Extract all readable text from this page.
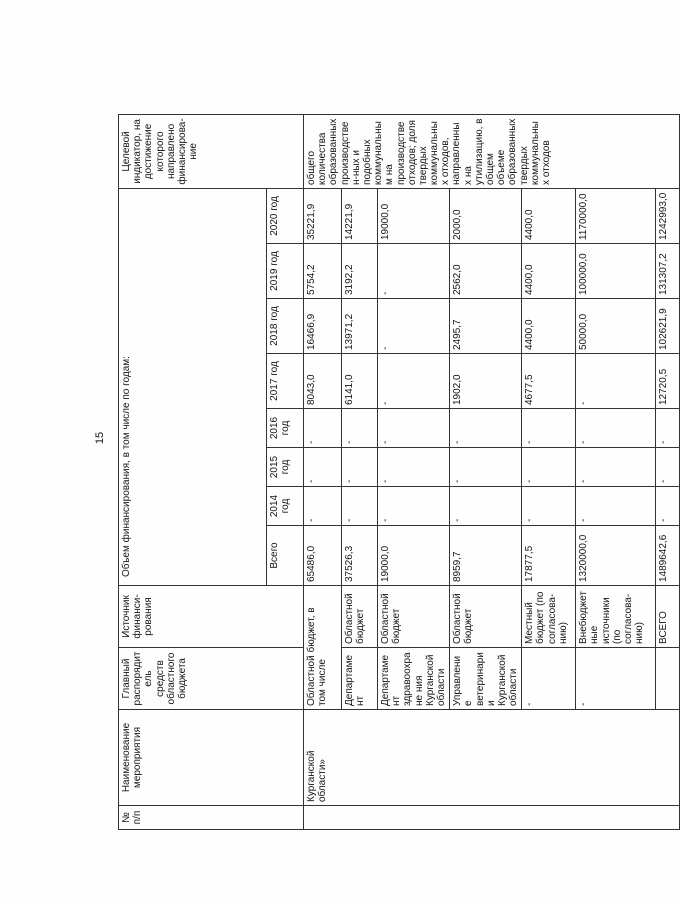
15
№ п/п	Наименование мероприятия	Главный распорядитель средств областного бюджета	Источник финанси-рования	Объем финансирования, в том числе по годам:								Целевой индикатор, на достижение которого направлено финансирова-ние
				Всего	2014 год	2015 год	2016 год	2017 год	2018 год	2019 год	2020 год	
	Курганской области»	Областной бюджет, в том числе		65486,0	-	-	-	8043,0	16466,9	5754,2	35221,9	общего количества образованных производствен-ных и подобных коммунальным на производстве отходов; доля твердых коммунальных отходов, направленных на утилизацию, в общем объеме образованных твердых коммунальных отходов
		Департамент	Областной бюджет	37526,3	-	-	-	6141,0	13971,2	3192,2	14221,9	
		Департамент здравоохране ния Курганской области	Областной бюджет	19000,0	-	-	-	-	-	-	19000,0	
		Управление ветеринарии Курганской области	Областной бюджет	8959,7	-	-	-	1902,0	2495,7	2562,0	2000,0	
		-	Местный бюджет (по согласова-нию)	17877,5	-	-	-	4677,5	4400,0	4400,0	4400,0	
		-	Внебюджет ные источники (по согласова-нию)	1320000,0	-	-	-	-	50000,0	100000,0	1170000,0	
			ВСЕГО	1489642,6	-	-	-	12720,5	102621,9	131307,2	1242993,0	
